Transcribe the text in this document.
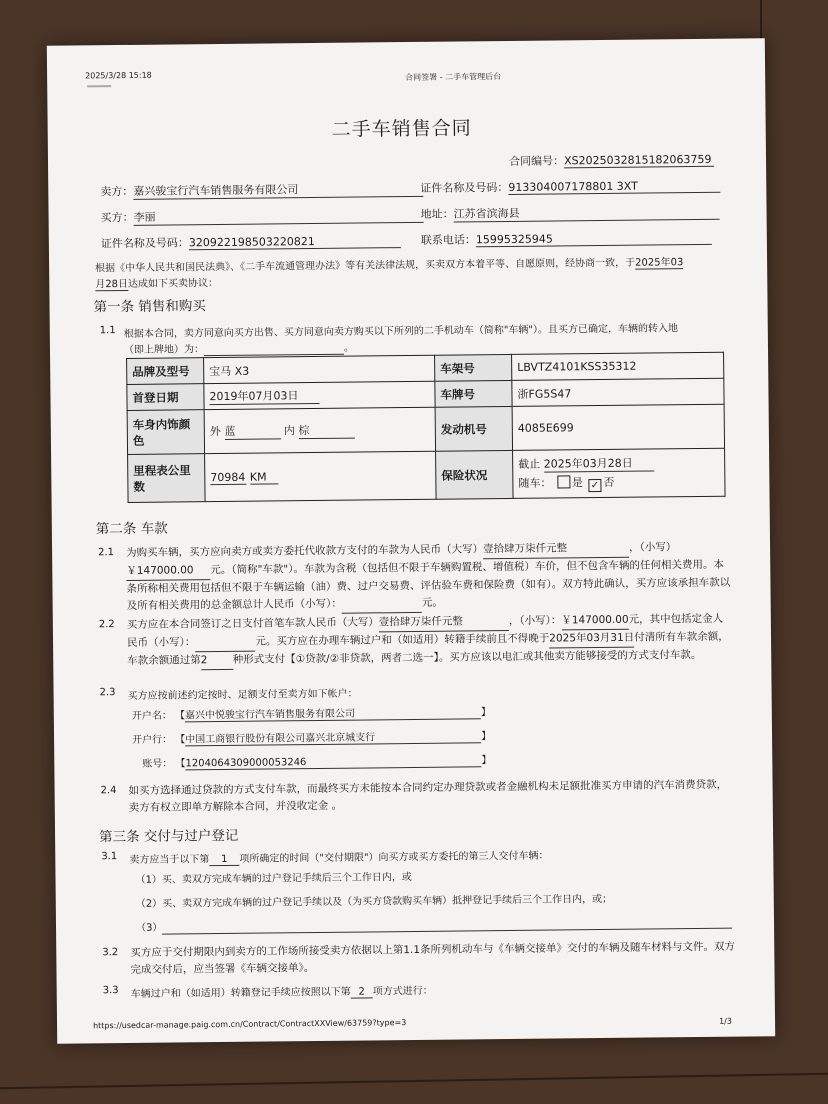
2025/3/28 15:18	合同签署 - 二手车管理后台
二手车销售合同
合同编号：XS2025032815182063759
卖方：嘉兴骏宝行汽车销售服务有限公司	证件名称及号码：913304007178801 3XT
买方：李丽	地址：江苏省滨海县
证件名称及号码：320922198503220821	联系电话：15995325945
根据《中华人民共和国民法典》、《二手车流通管理办法》等有关法律法规，买卖双方本着平等、自愿原则，经协商一致，于2025年03
月28日达成如下买卖协议：
第一条 销售和购买
1.1 根据本合同，卖方同意向买方出售、买方同意向卖方购买以下所列的二手机动车（简称"车辆"）。且买方已确定，车辆的转入地
（即上牌地）为：	。
品牌及型号	宝马 X3	车架号	LBVTZ4101KSS35312
首登日期	2019年07月03日	车牌号	浙FG5S47
车身内饰颜色	外 蓝 内 棕	发动机号	4085E699
里程表公里数	70984 KM	保险状况	截止 2025年03月28日
随车： 是 ✓ 否
第二条 车款
2.1 为购买车辆，买方应向卖方或卖方委托代收款方支付的车款为人民币（大写）壹拾肆万柒仟元整	，（小写）￥147000.00 元。（简称"车款"）。车款为含税（包括但不限于车辆购置税、增值税）车价，但不包含车辆的任何相关费用。本条所称相关费用包括但不限于车辆运输（油）费、过户交易费、评估验车费和保险费（如有）。双方特此确认，买方应该承担车款以及所有相关费用的总金额总计人民币（小写）：	元。
2.2 买方应在本合同签订之日支付首笔车款人民币（大写）壹拾肆万柒仟元整	，（小写）：￥147000.00元，其中包括定金人民币（小写）：	元。买方应在办理车辆过户和（如适用）转籍手续前且不得晚于2025年03月31日付清所有车款余额，车款余额通过第2 种形式支付【①贷款/②非贷款，两者二选一】。买方应该以电汇或其他卖方能够接受的方式支付车款。
2.3 买方应按前述约定按时、足额支付至卖方如下帐户：
开户名： 【嘉兴中悦骏宝行汽车销售服务有限公司	】
开户行： 【中国工商银行股份有限公司嘉兴北京城支行	】
账号： 【1204064309000053246	】
2.4 如买方选择通过贷款的方式支付车款，而最终买方未能按本合同约定办理贷款或者金融机构未足额批准买方申请的汽车消费贷款，卖方有权立即单方解除本合同，并没收定金 。
第三条 交付与过户登记
3.1 卖方应当于以下第 1 项所确定的时间（"交付期限"）向买方或买方委托的第三人交付车辆：
（1）买、卖双方完成车辆的过户登记手续后三个工作日内，或
（2）买、卖双方完成车辆的过户登记手续以及（为买方贷款购买车辆）抵押登记手续后三个工作日内，或；
（3）
3.2 买方应于交付期限内到卖方的工作场所接受卖方依据以上第1.1条所列机动车与《车辆交接单》交付的车辆及随车材料与文件。双方完成交付后，应当签署《车辆交接单》。
3.3 车辆过户和（如适用）转籍登记手续应按照以下第 2 项方式进行：
https://usedcar-manage.paig.com.cn/Contract/ContractXXView/63759?type=3	1/3
